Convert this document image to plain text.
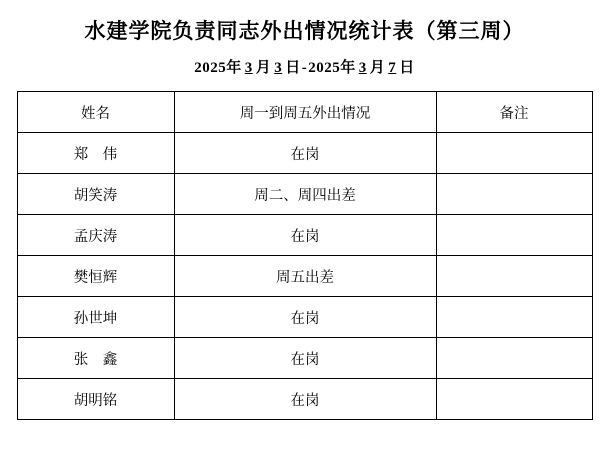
水建学院负责同志外出情况统计表（第三周）
2025年 3 月 3 日-2025年 3 月 7 日
姓名	周一到周五外出情况	备注
郑　伟	在岗	
胡笑涛	周二、周四出差	
孟庆涛	在岗	
樊恒辉	周五出差	
孙世坤	在岗	
张　鑫	在岗	
胡明铭	在岗	
